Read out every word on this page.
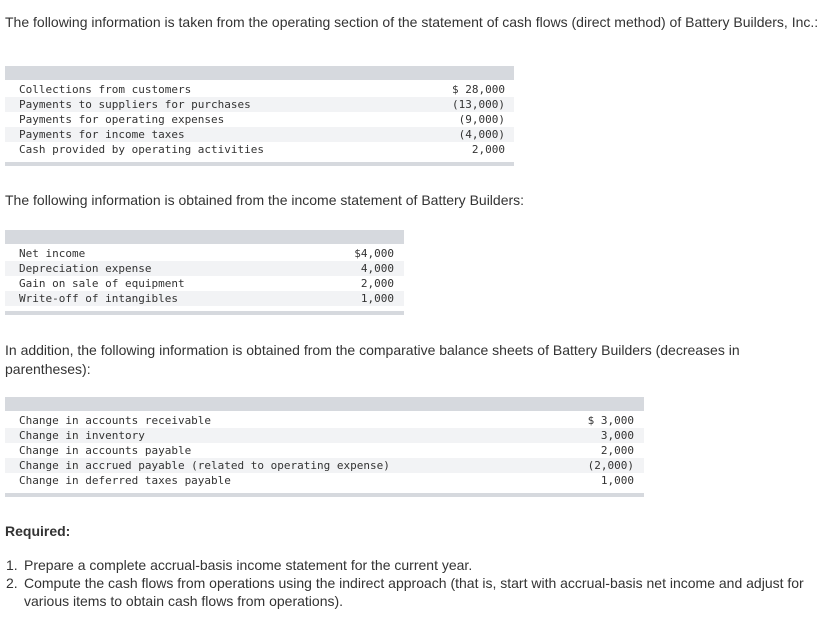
The following information is taken from the operating section of the statement of cash flows (direct method) of Battery Builders, Inc.:

Collections from customers	$ 28,000
Payments to suppliers for purchases	(13,000)
Payments for operating expenses	(9,000)
Payments for income taxes	(4,000)
Cash provided by operating activities	2,000

The following information is obtained from the income statement of Battery Builders:

Net income	$4,000
Depreciation expense	4,000
Gain on sale of equipment	2,000
Write-off of intangibles	1,000

In addition, the following information is obtained from the comparative balance sheets of Battery Builders (decreases in parentheses):

Change in accounts receivable	$ 3,000
Change in inventory	3,000
Change in accounts payable	2,000
Change in accrued payable (related to operating expense)	(2,000)
Change in deferred taxes payable	1,000
Required:
1. Prepare a complete accrual-basis income statement for the current year.
2. Compute the cash flows from operations using the indirect approach (that is, start with accrual-basis net income and adjust for various items to obtain cash flows from operations).
